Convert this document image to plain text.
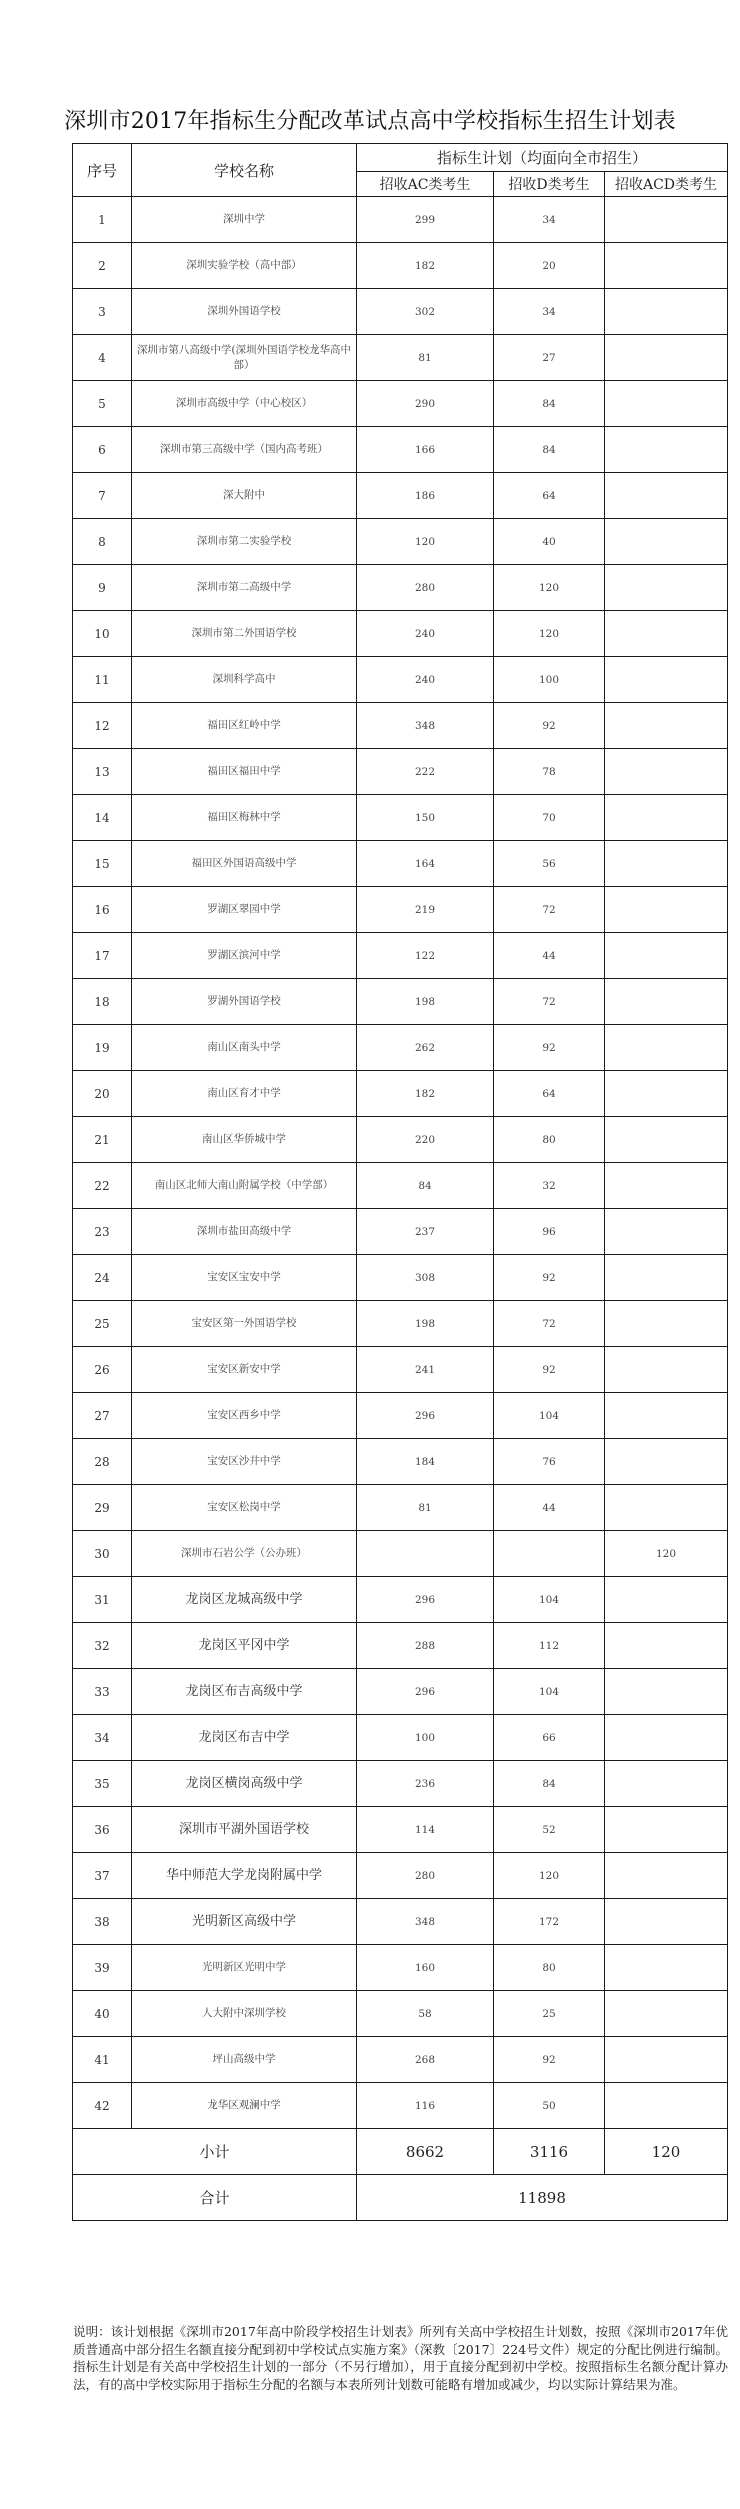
深圳市2017年指标生分配改革试点高中学校指标生招生计划表
序号	学校名称	指标生计划（均面向全市招生）		
		招收AC类考生	招收D类考生	招收ACD类考生
1	深圳中学	299	34	
2	深圳实验学校（高中部）	182	20	
3	深圳外国语学校	302	34	
4	深圳市第八高级中学(深圳外国语学校龙华高中部）	81	27	
5	深圳市高级中学（中心校区）	290	84	
6	深圳市第三高级中学（国内高考班）	166	84	
7	深大附中	186	64	
8	深圳市第二实验学校	120	40	
9	深圳市第二高级中学	280	120	
10	深圳市第二外国语学校	240	120	
11	深圳科学高中	240	100	
12	福田区红岭中学	348	92	
13	福田区福田中学	222	78	
14	福田区梅林中学	150	70	
15	福田区外国语高级中学	164	56	
16	罗湖区翠园中学	219	72	
17	罗湖区滨河中学	122	44	
18	罗湖外国语学校	198	72	
19	南山区南头中学	262	92	
20	南山区育才中学	182	64	
21	南山区华侨城中学	220	80	
22	南山区北师大南山附属学校（中学部）	84	32	
23	深圳市盐田高级中学	237	96	
24	宝安区宝安中学	308	92	
25	宝安区第一外国语学校	198	72	
26	宝安区新安中学	241	92	
27	宝安区西乡中学	296	104	
28	宝安区沙井中学	184	76	
29	宝安区松岗中学	81	44	
30	深圳市石岩公学（公办班）			120
31	龙岗区龙城高级中学	296	104	
32	龙岗区平冈中学	288	112	
33	龙岗区布吉高级中学	296	104	
34	龙岗区布吉中学	100	66	
35	龙岗区横岗高级中学	236	84	
36	深圳市平湖外国语学校	114	52	
37	华中师范大学龙岗附属中学	280	120	
38	光明新区高级中学	348	172	
39	光明新区光明中学	160	80	
40	人大附中深圳学校	58	25	
41	坪山高级中学	268	92	
42	龙华区观澜中学	116	50	
小计		8662	3116	120
合计		11898		
说明：该计划根据《深圳市2017年高中阶段学校招生计划表》所列有关高中学校招生计划数，按照《深圳市2017年优质普通高中部分招生名额直接分配到初中学校试点实施方案》（深教〔2017〕224号文件）规定的分配比例进行编制。指标生计划是有关高中学校招生计划的一部分（不另行增加），用于直接分配到初中学校。按照指标生名额分配计算办法，有的高中学校实际用于指标生分配的名额与本表所列计划数可能略有增加或减少，均以实际计算结果为准。
